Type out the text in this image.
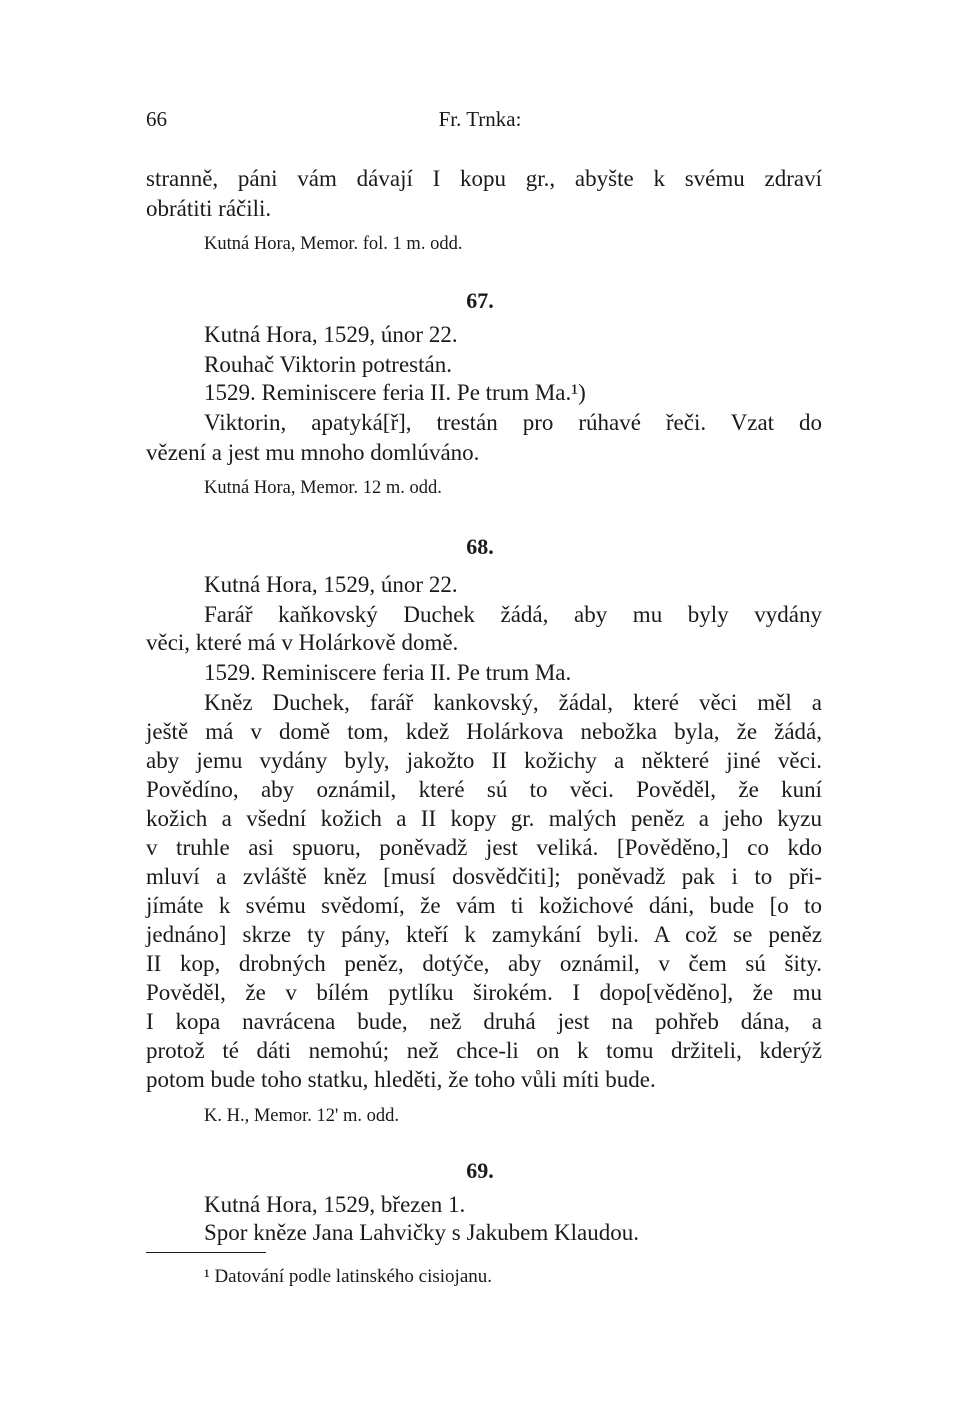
66	Fr. Trnka:
stranně, páni vám dávají I kopu gr., abyšte k svému zdraví
obrátiti ráčili.
Kutná Hora, Memor. fol. 1 m. odd.
67.
Kutná Hora, 1529, únor 22.
Rouhač Viktorin potrestán.
1529. Reminiscere feria II. Pe trum Ma.¹)
Viktorin, apatyká[ř], trestán pro rúhavé řeči. Vzat do
vězení a jest mu mnoho domlúváno.
Kutná Hora, Memor. 12 m. odd.
68.
Kutná Hora, 1529, únor 22.
Farář kaňkovský Duchek žádá, aby mu byly vydány
věci, které má v Holárkově domě.
1529. Reminiscere feria II. Pe trum Ma.
Kněz Duchek, farář kankovský, žádal, které věci měl a
ještě má v domě tom, kdež Holárkova nebožka byla, že žádá,
aby jemu vydány byly, jakožto II kožichy a některé jiné věci.
Povědíno, aby oznámil, které sú to věci. Pověděl, že kuní
kožich a všední kožich a II kopy gr. malých peněz a jeho kyzu
v truhle asi spuoru, poněvadž jest veliká. [Pověděno,] co kdo
mluví a zvláště kněz [musí dosvědčiti]; poněvadž pak i to při-
jímáte k svému svědomí, že vám ti kožichové dáni, bude [o to
jednáno] skrze ty pány, kteří k zamykání byli. A což se peněz
II kop, drobných peněz, dotýče, aby oznámil, v čem sú šity.
Pověděl, že v bílém pytlíku širokém. I dopo[věděno], že mu
I kopa navrácena bude, než druhá jest na pohřeb dána, a
protož té dáti nemohú; než chce-li on k tomu držiteli, kderýž
potom bude toho statku, hleděti, že toho vůli míti bude.
K. H., Memor. 12' m. odd.
69.
Kutná Hora, 1529, březen 1.
Spor kněze Jana Lahvičky s Jakubem Klaudou.
¹ Datování podle latinského cisiojanu.
